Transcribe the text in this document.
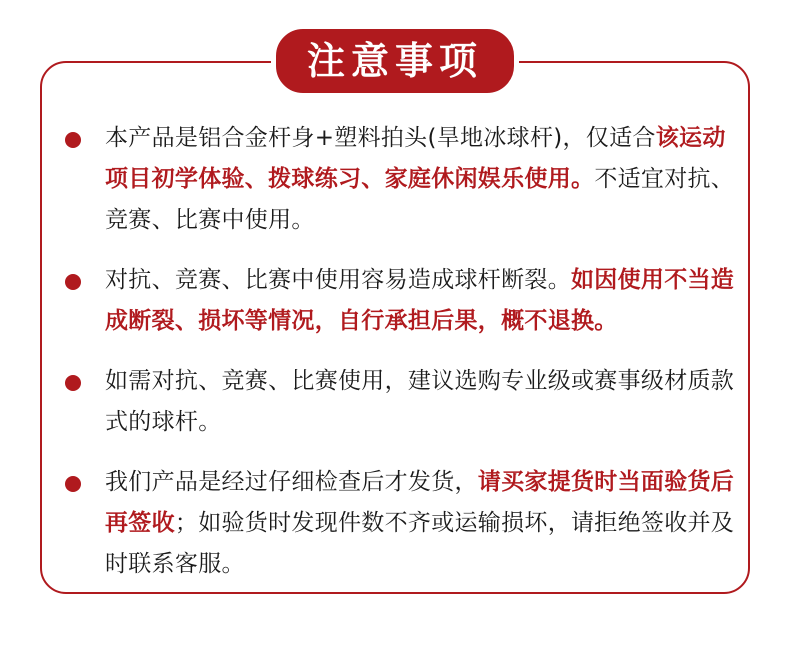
注意事项
本产品是铝合金杆身+塑料拍头(旱地冰球杆)，仅适合该运动项目初学体验、拨球练习、家庭休闲娱乐使用。不适宜对抗、竞赛、比赛中使用。
对抗、竞赛、比赛中使用容易造成球杆断裂。如因使用不当造成断裂、损坏等情况，自行承担后果，概不退换。
如需对抗、竞赛、比赛使用，建议选购专业级或赛事级材质款式的球杆。
我们产品是经过仔细检查后才发货，请买家提货时当面验货后再签收；如验货时发现件数不齐或运输损坏，请拒绝签收并及时联系客服。
